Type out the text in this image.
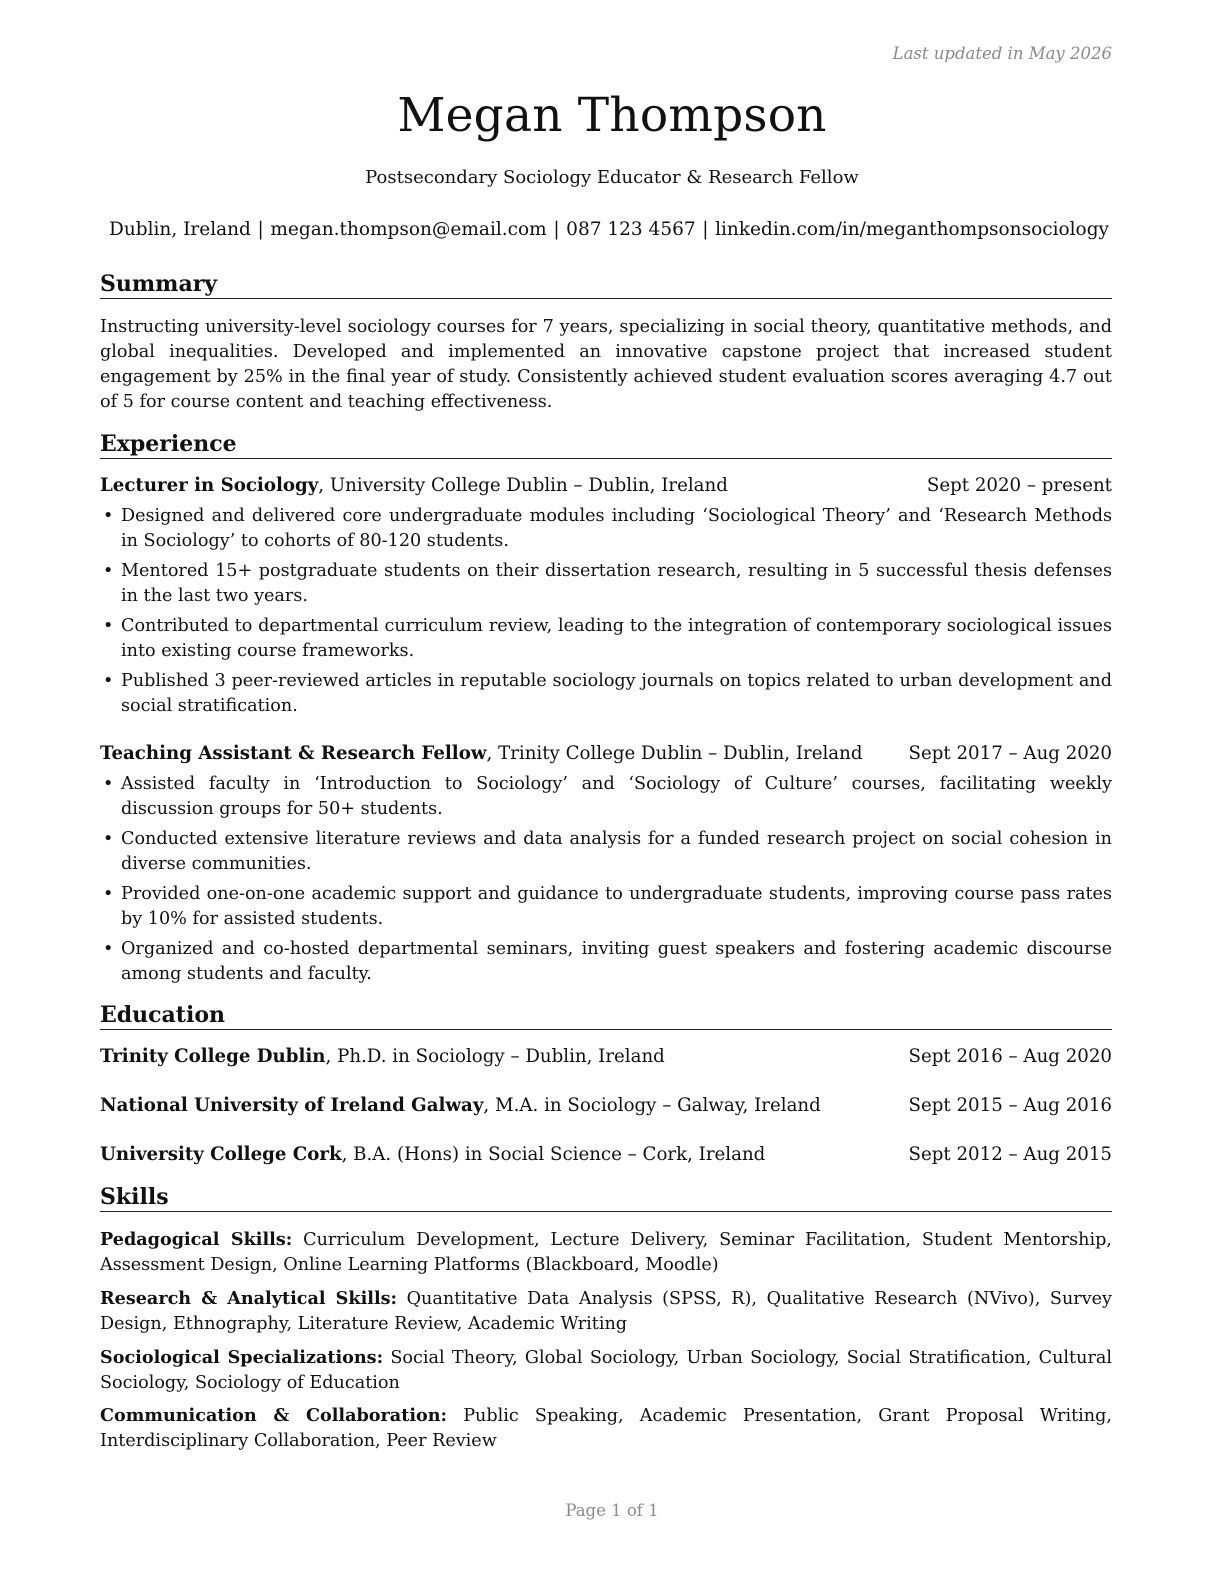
Last updated in May 2026
Megan Thompson
Postsecondary Sociology Educator & Research Fellow
Dublin, Ireland | megan.thompson@email.com | 087 123 4567 | linkedin.com/in/meganthompsonsociology
Summary
Instructing university-level sociology courses for 7 years, specializing in social theory, quantitative methods, and global inequalities. Developed and implemented an innovative capstone project that increased student engagement by 25% in the final year of study. Consistently achieved student evaluation scores averaging 4.7 out of 5 for course content and teaching effectiveness.
Experience
Lecturer in Sociology, University College Dublin – Dublin, Ireland	Sept 2020 – present
• Designed and delivered core undergraduate modules including ‘Sociological Theory’ and ‘Research Methods in Sociology’ to cohorts of 80-120 students.
• Mentored 15+ postgraduate students on their dissertation research, resulting in 5 successful thesis defenses in the last two years.
• Contributed to departmental curriculum review, leading to the integration of contemporary sociological issues into existing course frameworks.
• Published 3 peer-reviewed articles in reputable sociology journals on topics related to urban development and social stratification.
Teaching Assistant & Research Fellow, Trinity College Dublin – Dublin, Ireland	Sept 2017 – Aug 2020
• Assisted faculty in ‘Introduction to Sociology’ and ‘Sociology of Culture’ courses, facilitating weekly discussion groups for 50+ students.
• Conducted extensive literature reviews and data analysis for a funded research project on social cohesion in diverse communities.
• Provided one-on-one academic support and guidance to undergraduate students, improving course pass rates by 10% for assisted students.
• Organized and co-hosted departmental seminars, inviting guest speakers and fostering academic discourse among students and faculty.
Education
Trinity College Dublin, Ph.D. in Sociology – Dublin, Ireland	Sept 2016 – Aug 2020
National University of Ireland Galway, M.A. in Sociology – Galway, Ireland	Sept 2015 – Aug 2016
University College Cork, B.A. (Hons) in Social Science – Cork, Ireland	Sept 2012 – Aug 2015
Skills
Pedagogical Skills: Curriculum Development, Lecture Delivery, Seminar Facilitation, Student Mentorship, Assessment Design, Online Learning Platforms (Blackboard, Moodle)
Research & Analytical Skills: Quantitative Data Analysis (SPSS, R), Qualitative Research (NVivo), Survey Design, Ethnography, Literature Review, Academic Writing
Sociological Specializations: Social Theory, Global Sociology, Urban Sociology, Social Stratification, Cultural Sociology, Sociology of Education
Communication & Collaboration: Public Speaking, Academic Presentation, Grant Proposal Writing, Interdisciplinary Collaboration, Peer Review
Page 1 of 1
